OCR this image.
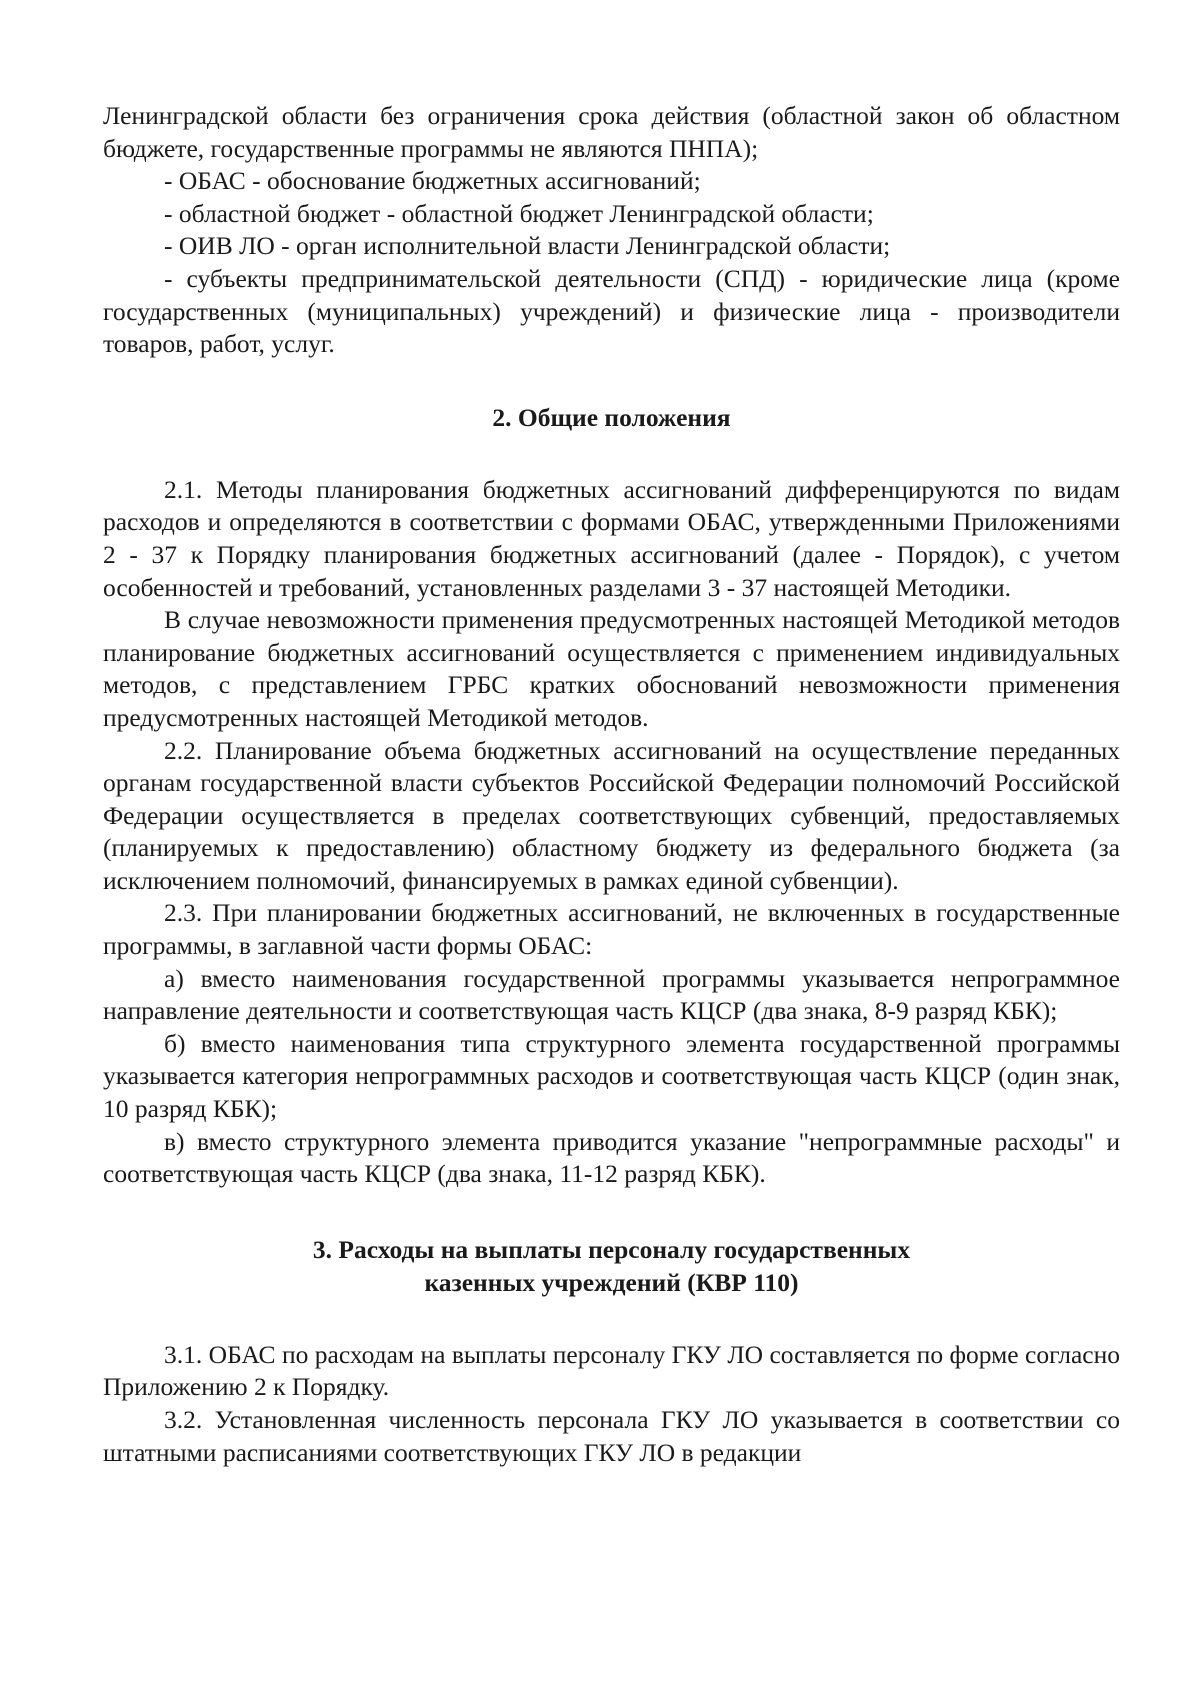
Ленинградской области без ограничения срока действия (областной закон об областном бюджете, государственные программы не являются ПНПА);

- ОБАС - обоснование бюджетных ассигнований;

- областной бюджет - областной бюджет Ленинградской области;

- ОИВ ЛО - орган исполнительной власти Ленинградской области;

- субъекты предпринимательской деятельности (СПД) - юридические лица (кроме государственных (муниципальных) учреждений) и физические лица - производители товаров, работ, услуг.

2. Общие положения

2.1. Методы планирования бюджетных ассигнований дифференцируются по видам расходов и определяются в соответствии с формами ОБАС, утвержденными Приложениями 2 - 37 к Порядку планирования бюджетных ассигнований (далее - Порядок), с учетом особенностей и требований, установленных разделами 3 - 37 настоящей Методики.

В случае невозможности применения предусмотренных настоящей Методикой методов планирование бюджетных ассигнований осуществляется с применением индивидуальных методов, с представлением ГРБС кратких обоснований невозможности применения предусмотренных настоящей Методикой методов.

2.2. Планирование объема бюджетных ассигнований на осуществление переданных органам государственной власти субъектов Российской Федерации полномочий Российской Федерации осуществляется в пределах соответствующих субвенций, предоставляемых (планируемых к предоставлению) областному бюджету из федерального бюджета (за исключением полномочий, финансируемых в рамках единой субвенции).

2.3. При планировании бюджетных ассигнований, не включенных в государственные программы, в заглавной части формы ОБАС:

а) вместо наименования государственной программы указывается непрограммное направление деятельности и соответствующая часть КЦСР (два знака, 8-9 разряд КБК);

б) вместо наименования типа структурного элемента государственной программы указывается категория непрограммных расходов и соответствующая часть КЦСР (один знак, 10 разряд КБК);

в) вместо структурного элемента приводится указание "непрограммные расходы" и соответствующая часть КЦСР (два знака, 11-12 разряд КБК).

3. Расходы на выплаты персоналу государственных
казенных учреждений (КВР 110)

3.1. ОБАС по расходам на выплаты персоналу ГКУ ЛО составляется по форме согласно Приложению 2 к Порядку.

3.2. Установленная численность персонала ГКУ ЛО указывается в соответствии со штатными расписаниями соответствующих ГКУ ЛО в редакции
